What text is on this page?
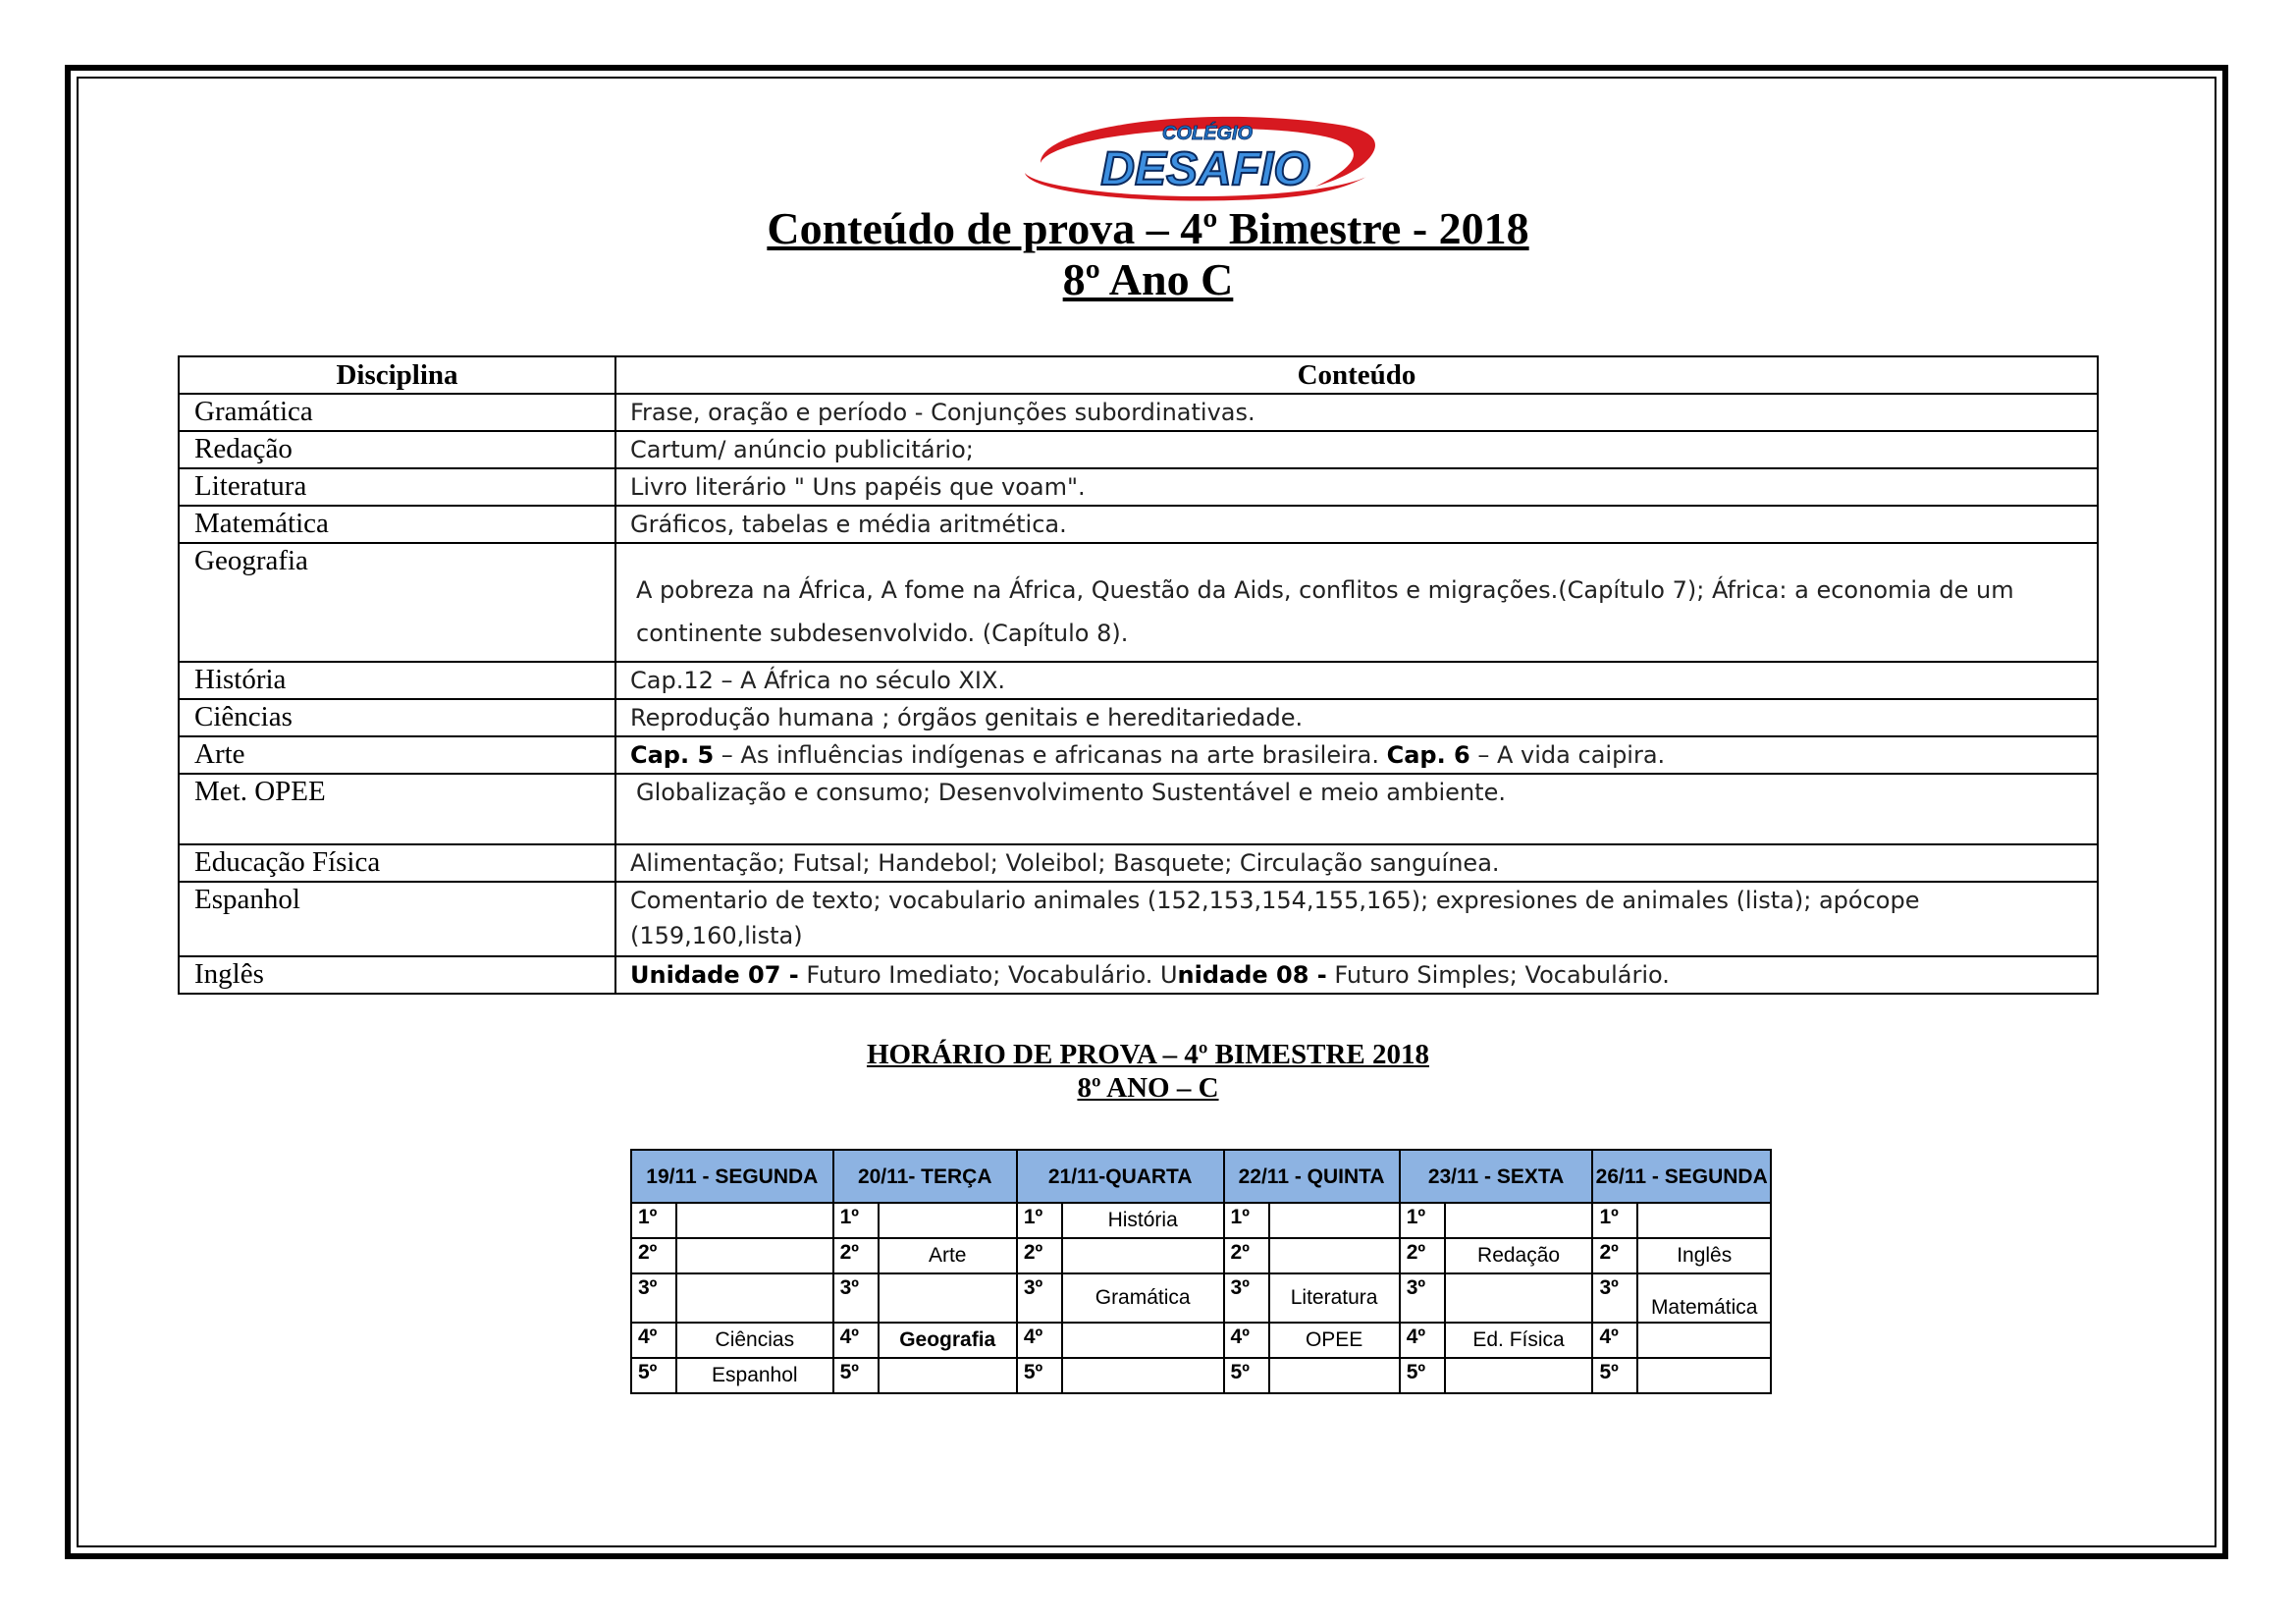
COLÉGIO
DESAFIO
Conteúdo de prova – 4º Bimestre - 2018
8º Ano C
Disciplina	Conteúdo
Gramática	Frase, oração e período - Conjunções subordinativas.
Redação	Cartum/ anúncio publicitário;
Literatura	Livro literário " Uns papéis que voam".
Matemática	Gráficos, tabelas e média aritmética.
Geografia	A pobreza na África, A fome na África, Questão da Aids, conflitos e migrações.(Capítulo 7); África: a economia de um continente subdesenvolvido. (Capítulo 8).
História	Cap.12 – A África no século XIX.
Ciências	Reprodução humana ; órgãos genitais e hereditariedade.
Arte	Cap. 5 – As influências indígenas e africanas na arte brasileira. Cap. 6 – A vida caipira.
Met. OPEE	Globalização e consumo; Desenvolvimento Sustentável e meio ambiente.
Educação Física	Alimentação; Futsal; Handebol; Voleibol; Basquete; Circulação sanguínea.
Espanhol	Comentario de texto; vocabulario animales (152,153,154,155,165); expresiones de animales (lista); apócope (159,160,lista)
Inglês	Unidade 07 - Futuro Imediato; Vocabulário. Unidade 08 - Futuro Simples; Vocabulário.
HORÁRIO DE PROVA – 4º BIMESTRE 2018
8º ANO – C
19/11 - SEGUNDA		20/11- TERÇA		21/11-QUARTA		22/11 - QUINTA		23/11 - SEXTA		26/11 - SEGUNDA	
1º		1º		1º	História	1º		1º		1º	
2º		2º	Arte	2º		2º		2º	Redação	2º	Inglês
3º		3º		3º	Gramática	3º	Literatura	3º		3º	Matemática
4º	Ciências	4º	Geografia	4º		4º	OPEE	4º	Ed. Física	4º	
5º	Espanhol	5º		5º		5º		5º		5º	
